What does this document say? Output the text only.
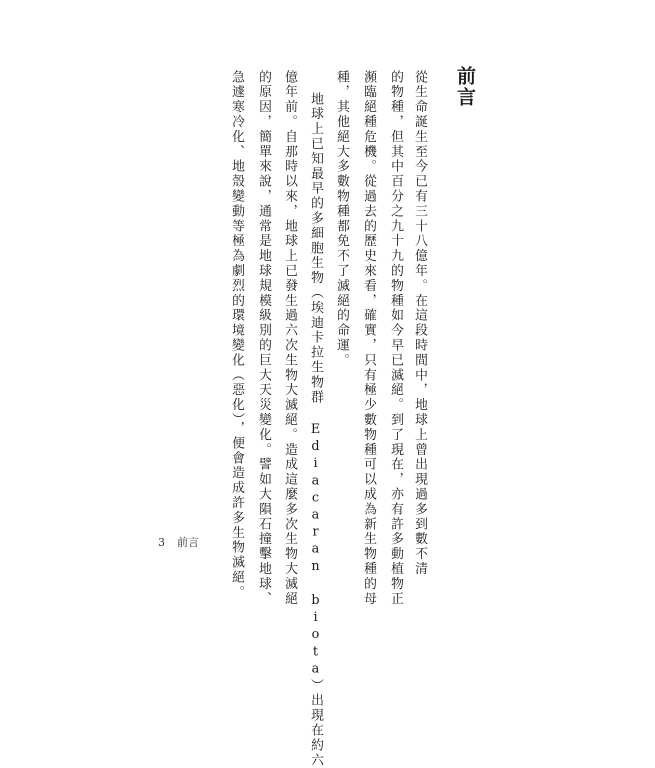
前言
從生命誕生至今已有三十八億年。在這段時間中，地球上曾出現過多到數不清
的物種，但其中百分之九十九的物種如今早已滅絕。到了現在，亦有許多動植物正
瀕臨絕種危機。從過去的歷史來看，確實，只有極少數物種可以成為新生物種的母
種，其他絕大多數物種都免不了滅絕的命運。
地球上已知最早的多細胞生物（埃迪卡拉生物群 Ediacaran biota）出現在約六
億年前。自那時以來，地球上已發生過六次生物大滅絕。造成這麼多次生物大滅絕
的原因，簡單來說，通常是地球規模級別的巨大天災變化。譬如大隕石撞擊地球、
急遽寒冷化、地殼變動等極為劇烈的環境變化（惡化），便會造成許多生物滅絕。
3 前言
